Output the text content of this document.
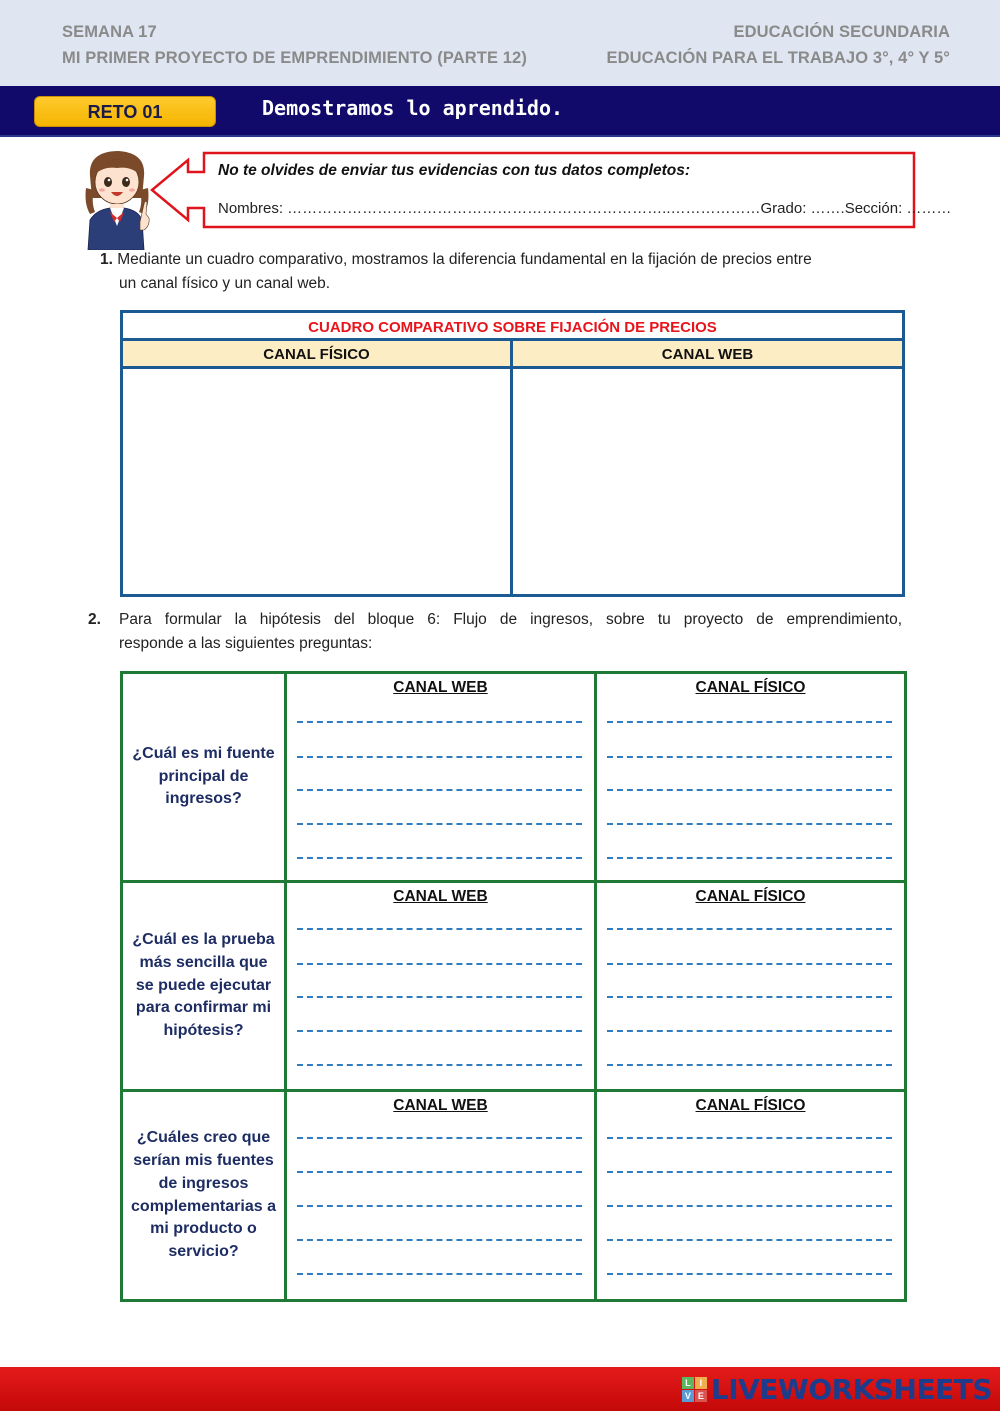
SEMANA 17
MI PRIMER PROYECTO DE EMPRENDIMIENTO (PARTE 12)
EDUCACIÓN SECUNDARIA
EDUCACIÓN PARA EL TRABAJO 3°, 4° Y 5°
RETO 01	Demostramos lo aprendido.
No te olvides de enviar tus evidencias con tus datos completos:
Nombres: …………………………………………………………………..………………Grado: …….Sección: ………
1. Mediante un cuadro comparativo, mostramos la diferencia fundamental en la fijación de precios entre
un canal físico y un canal web.
CUADRO COMPARATIVO SOBRE FIJACIÓN DE PRECIOS
CANAL FÍSICO	CANAL WEB
2.	Para formular la hipótesis del bloque 6: Flujo de ingresos, sobre tu proyecto de emprendimiento,
responde a las siguientes preguntas:
¿Cuál es mi fuente principal de ingresos?
CANAL WEB	CANAL FÍSICO
¿Cuál es la prueba más sencilla que se puede ejecutar para confirmar mi hipótesis?
CANAL WEB	CANAL FÍSICO
¿Cuáles creo que serían mis fuentes de ingresos complementarias a mi producto o servicio?
CANAL WEB	CANAL FÍSICO
L I
V E LIVEWORKSHEETS
